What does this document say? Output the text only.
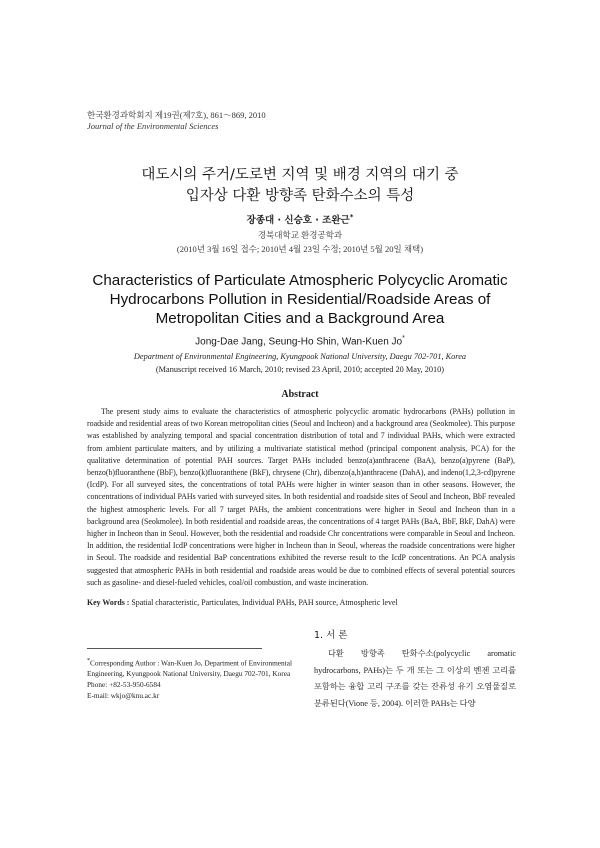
한국환경과학회지 제19권(제7호), 861～869, 2010
Journal of the Environmental Sciences
대도시의 주거/도로변 지역 및 배경 지역의 대기 중
입자상 다환 방향족 탄화수소의 특성
장종대 · 신승호 · 조완근*
경북대학교 환경공학과
(2010년 3월 16일 접수; 2010년 4월 23일 수정; 2010년 5월 20일 채택)
Characteristics of Particulate Atmospheric Polycyclic Aromatic
Hydrocarbons Pollution in Residential/Roadside Areas of
Metropolitan Cities and a Background Area
Jong-Dae Jang, Seung-Ho Shin, Wan-Kuen Jo*
Department of Environmental Engineering, Kyungpook National University, Daegu 702-701, Korea
(Manuscript received 16 March, 2010; revised 23 April, 2010; accepted 20 May, 2010)
Abstract
The present study aims to evaluate the characteristics of atmospheric polycyclic aromatic hydrocarbons (PAHs) pollution in roadside and residential areas of two Korean metropolitan cities (Seoul and Incheon) and a background area (Seokmolee). This purpose was established by analyzing temporal and spacial concentration distribution of total and 7 individual PAHs, which were extracted from ambient particulate matters, and by utilizing a multivariate statistical method (principal component analysis, PCA) for the qualitative determination of potential PAH sources. Target PAHs included benzo(a)anthracene (BaA), benzo(a)pyrene (BaP), benzo(b)fluoranthene (BbF), benzo(k)fluoranthene (BkF), chrysene (Chr), dibenzo(a,h)anthracene (DahA), and indeno(1,2,3-cd)pyrene (IcdP). For all surveyed sites, the concentrations of total PAHs were higher in winter season than in other seasons. However, the concentrations of individual PAHs varied with surveyed sites. In both residential and roadside sites of Seoul and Incheon, BbF revealed the highest atmospheric levels. For all 7 target PAHs, the ambient concentrations were higher in Seoul and Incheon than in a background area (Seokmolee). In both residential and roadside areas, the concentrations of 4 target PAHs (BaA, BbF, BkF, DahA) were higher in Incheon than in Seoul. However, both the residential and roadside Chr concentrations were comparable in Seoul and Incheon. In addition, the residential IcdP concentrations were higher in Incheon than in Seoul, whereas the roadside concentrations were higher in Seoul. The roadside and residential BaP concentrations exhibited the reverse result to the IcdP concentrations. An PCA analysis suggested that atmospheric PAHs in both residential and roadside areas would be due to combined effects of several potential sources such as gasoline- and diesel-fueled vehicles, coal/oil combustion, and waste incineration.
Key Words : Spatial characteristic, Particulates, Individual PAHs, PAH source, Atmospheric level
1. 서 론
*Corresponding Author : Wan-Kuen Jo, Department of Environmental Engineering, Kyungpook National University, Daegu 702-701, Korea
Phone: +82-53-950-6584
E-mail: wkjo@knu.ac.kr
다환 방향족 탄화수소(polycyclic aromatic hydrocarbons, PAHs)는 두 개 또는 그 이상의 벤젠 고리를 포함하는 융합 고리 구조를 갖는 잔류성 유기 오염물질로 분류된다(Vione 등, 2004). 이러한 PAHs는 다양
